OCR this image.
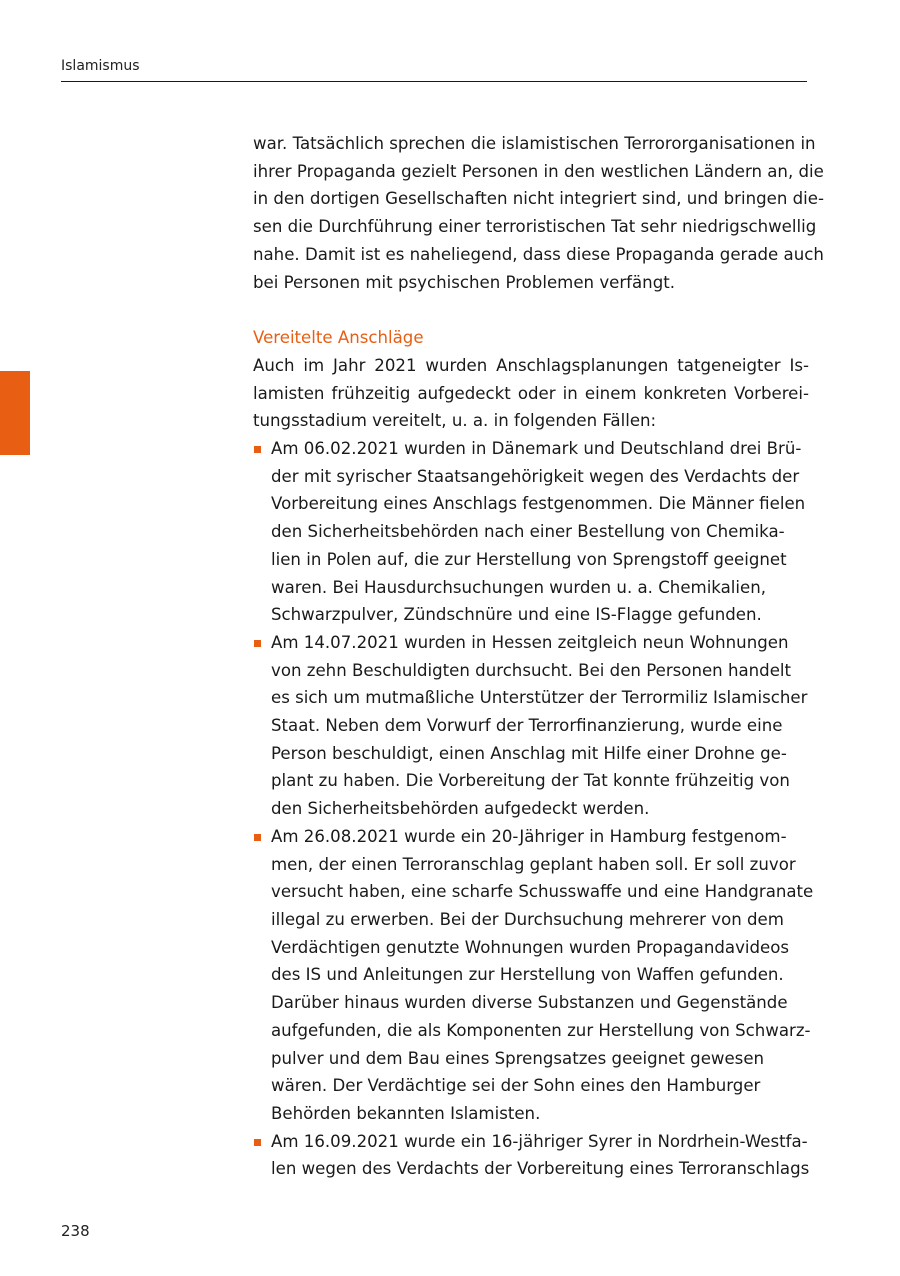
Islamismus
war. Tatsächlich sprechen die islamistischen Terrororganisationen in
ihrer Propaganda gezielt Personen in den westlichen Ländern an, die
in den dortigen Gesellschaften nicht integriert sind, und bringen die-
sen die Durchführung einer terroristischen Tat sehr niedrigschwellig
nahe. Damit ist es naheliegend, dass diese Propaganda gerade auch
bei Personen mit psychischen Problemen verfängt.
Vereitelte Anschläge
Auch im Jahr 2021 wurden Anschlagsplanungen tatgeneigter Is-
lamisten frühzeitig aufgedeckt oder in einem konkreten Vorberei-
tungsstadium vereitelt, u. a. in folgenden Fällen:
Am 06.02.2021 wurden in Dänemark und Deutschland drei Brü-
der mit syrischer Staatsangehörigkeit wegen des Verdachts der
Vorbereitung eines Anschlags festgenommen. Die Männer fielen
den Sicherheitsbehörden nach einer Bestellung von Chemika-
lien in Polen auf, die zur Herstellung von Sprengstoff geeignet
waren. Bei Hausdurchsuchungen wurden u. a. Chemikalien,
Schwarzpulver, Zündschnüre und eine IS-Flagge gefunden.
Am 14.07.2021 wurden in Hessen zeitgleich neun Wohnungen
von zehn Beschuldigten durchsucht. Bei den Personen handelt
es sich um mutmaßliche Unterstützer der Terrormiliz Islamischer
Staat. Neben dem Vorwurf der Terrorfinanzierung, wurde eine
Person beschuldigt, einen Anschlag mit Hilfe einer Drohne ge-
plant zu haben. Die Vorbereitung der Tat konnte frühzeitig von
den Sicherheitsbehörden aufgedeckt werden.
Am 26.08.2021 wurde ein 20-Jähriger in Hamburg festgenom-
men, der einen Terroranschlag geplant haben soll. Er soll zuvor
versucht haben, eine scharfe Schusswaffe und eine Handgranate
illegal zu erwerben. Bei der Durchsuchung mehrerer von dem
Verdächtigen genutzte Wohnungen wurden Propagandavideos
des IS und Anleitungen zur Herstellung von Waffen gefunden.
Darüber hinaus wurden diverse Substanzen und Gegenstände
aufgefunden, die als Komponenten zur Herstellung von Schwarz-
pulver und dem Bau eines Sprengsatzes geeignet gewesen
wären. Der Verdächtige sei der Sohn eines den Hamburger
Behörden bekannten Islamisten.
Am 16.09.2021 wurde ein 16-jähriger Syrer in Nordrhein-Westfa-
len wegen des Verdachts der Vorbereitung eines Terroranschlags
238
